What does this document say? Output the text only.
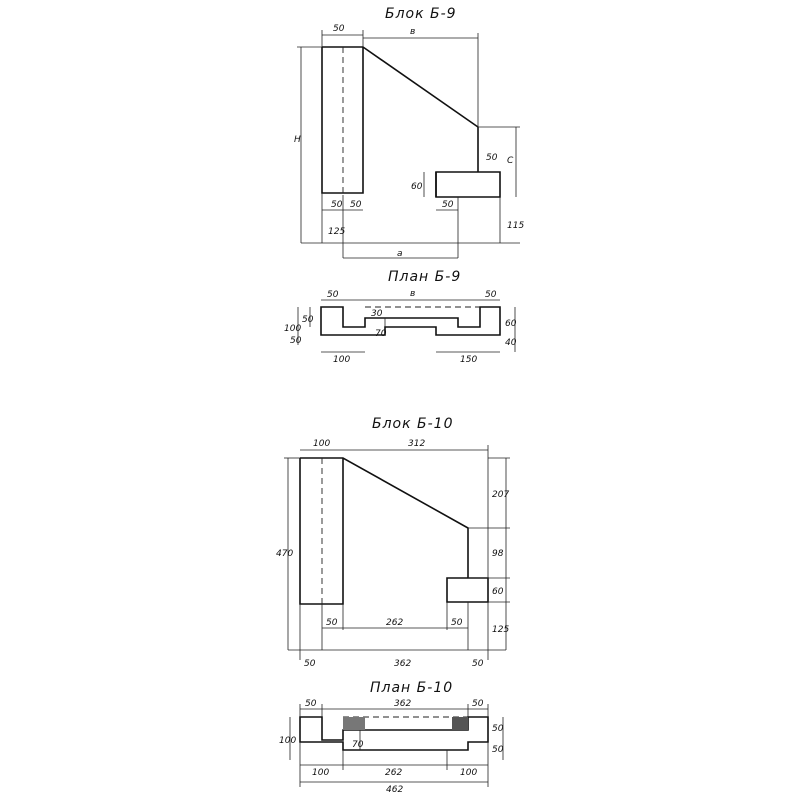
Блок Б-9
50	в
Н
С
50
60
50 50
125
50
115
а
План Б-9
50	в	50
100
50
50
30
70
60
40
100	150
Блок Б-10
100	312
470
207
98
60
125
50	262	50
50	362	50
План Б-10
50	362	50
100	70
50
50
100	262	100
462
